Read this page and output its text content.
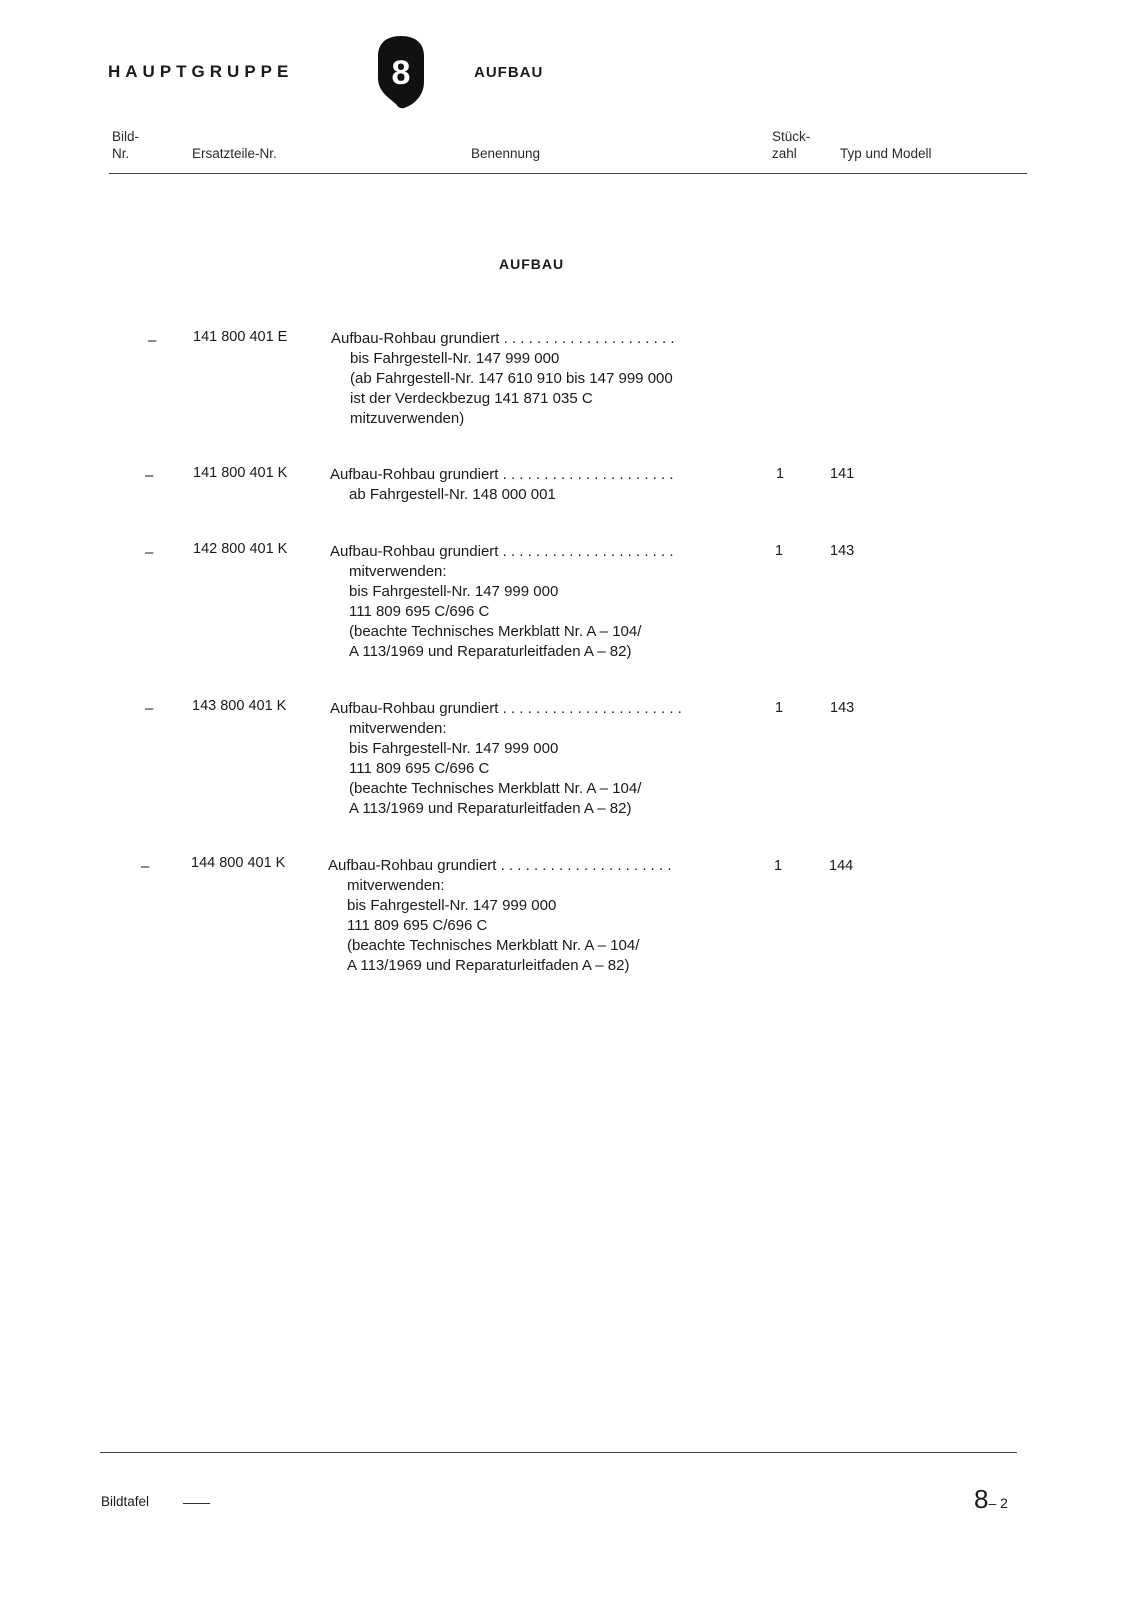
HAUPTGRUPPE	8	AUFBAU
Bild-
Nr.	Ersatzteile-Nr.	Benennung
Stück-
zahl	Typ und Modell
AUFBAU
–	141 800 401 E	Aufbau-Rohbau grundiert . . . . . . . . . . . . . . . . . . . . .
bis Fahrgestell-Nr. 147 999 000
(ab Fahrgestell-Nr. 147 610 910 bis 147 999 000
ist der Verdeckbezug 141 871 035 C
mitzuverwenden)
–	141 800 401 K	Aufbau-Rohbau grundiert . . . . . . . . . . . . . . . . . . . . .
ab Fahrgestell-Nr. 148 000 001
1	141
–	142 800 401 K	Aufbau-Rohbau grundiert . . . . . . . . . . . . . . . . . . . . .
mitverwenden:
bis Fahrgestell-Nr. 147 999 000
111 809 695 C/696 C
(beachte Technisches Merkblatt Nr. A – 104/
A 113/1969 und Reparaturleitfaden A – 82)
1	143
–	143 800 401 K	Aufbau-Rohbau grundiert . . . . . . . . . . . . . . . . . . . . . .
mitverwenden:
bis Fahrgestell-Nr. 147 999 000
111 809 695 C/696 C
(beachte Technisches Merkblatt Nr. A – 104/
A 113/1969 und Reparaturleitfaden A – 82)
1	143
–	144 800 401 K	Aufbau-Rohbau grundiert . . . . . . . . . . . . . . . . . . . . .
mitverwenden:
bis Fahrgestell-Nr. 147 999 000
111 809 695 C/696 C
(beachte Technisches Merkblatt Nr. A – 104/
A 113/1969 und Reparaturleitfaden A – 82)
1	144
Bildtafel	8– 2
